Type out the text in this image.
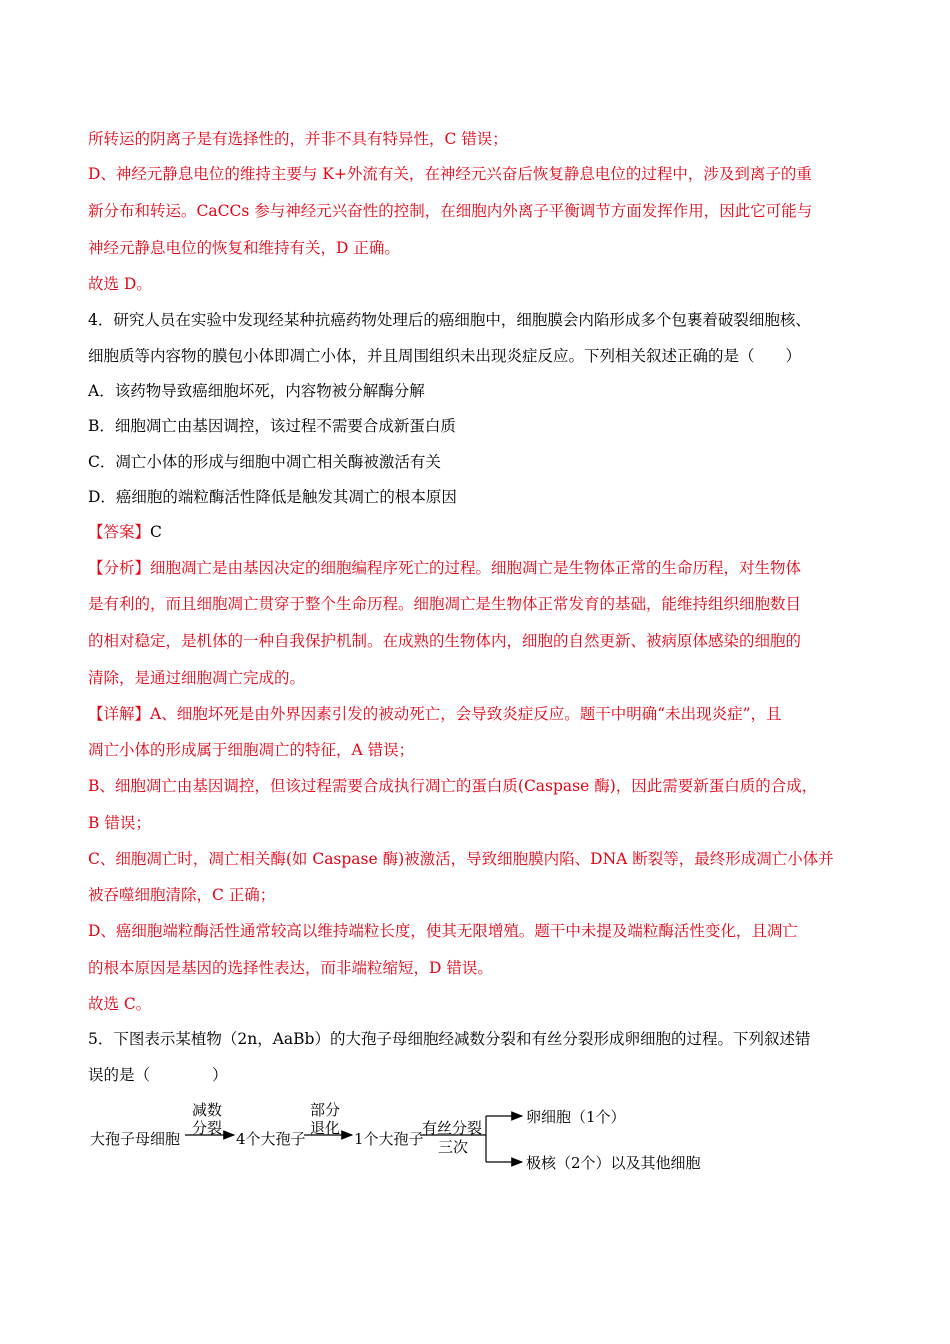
所转运的阴离子是有选择性的，并非不具有特异性，C 错误；
D、神经元静息电位的维持主要与 K+外流有关，在神经元兴奋后恢复静息电位的过程中，涉及到离子的重
新分布和转运。CaCCs 参与神经元兴奋性的控制，在细胞内外离子平衡调节方面发挥作用，因此它可能与
神经元静息电位的恢复和维持有关，D 正确。
故选 D。
4．研究人员在实验中发现经某种抗癌药物处理后的癌细胞中，细胞膜会内陷形成多个包裹着破裂细胞核、
细胞质等内容物的膜包小体即凋亡小体，并且周围组织未出现炎症反应。下列相关叙述正确的是（　　）
A．该药物导致癌细胞坏死，内容物被分解酶分解
B．细胞凋亡由基因调控，该过程不需要合成新蛋白质
C．凋亡小体的形成与细胞中凋亡相关酶被激活有关
D．癌细胞的端粒酶活性降低是触发其凋亡的根本原因
【答案】C
【分析】细胞凋亡是由基因决定的细胞编程序死亡的过程。细胞凋亡是生物体正常的生命历程，对生物体
是有利的，而且细胞凋亡贯穿于整个生命历程。细胞凋亡是生物体正常发育的基础，能维持组织细胞数目
的相对稳定，是机体的一种自我保护机制。在成熟的生物体内，细胞的自然更新、被病原体感染的细胞的
清除，是通过细胞凋亡完成的。
【详解】A、细胞坏死是由外界因素引发的被动死亡，会导致炎症反应。题干中明确“未出现炎症”，且
凋亡小体的形成属于细胞凋亡的特征，A 错误；
B、细胞凋亡由基因调控，但该过程需要合成执行凋亡的蛋白质(Caspase 酶)，因此需要新蛋白质的合成，
B 错误；
C、细胞凋亡时，凋亡相关酶(如 Caspase 酶)被激活，导致细胞膜内陷、DNA 断裂等，最终形成凋亡小体并
被吞噬细胞清除，C 正确；
D、癌细胞端粒酶活性通常较高以维持端粒长度，使其无限增殖。题干中未提及端粒酶活性变化，且凋亡
的根本原因是基因的选择性表达，而非端粒缩短，D 错误。
故选 C。
5．下图表示某植物（2n，AaBb）的大孢子母细胞经减数分裂和有丝分裂形成卵细胞的过程。下列叙述错
误的是（　　　　）
大孢子母细胞
减数
分裂
4个大孢子
部分
退化
1个大孢子
有丝分裂
三次
卵细胞（1个）
极核（2个）以及其他细胞
